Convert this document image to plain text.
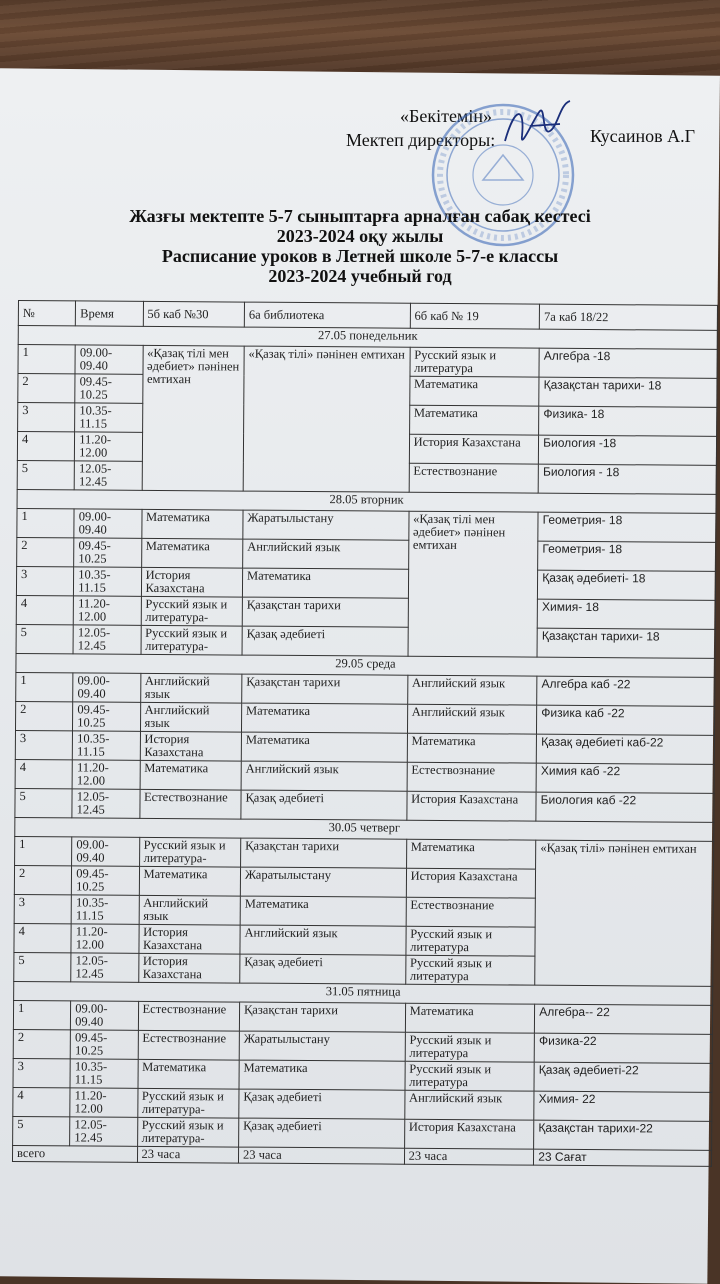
«Бекітемін»
Мектеп директоры:	Кусаинов А.Г
Жазғы мектепте 5-7 сыныптарға арналған сабақ кестесі
2023-2024 оқу жылы
Расписание уроков в Летней школе 5-7-е классы
2023-2024 учебный год
№	Время	5б каб №30	6а библиотека	6б каб № 19	7а каб 18/22
27.05 понедельник					
1	09.00-09.40	«Қазақ тілі мен әдебиет» пәнінен емтихан	«Қазақ тілі» пәнінен емтихан	Русский язык и литература	Алгебра -18
2	09.45-10.25			Математика	Қазақстан тарихи- 18
3	10.35-11.15			Математика	Физика- 18
4	11.20-12.00			История Казахстана	Биология -18
5	12.05-12.45			Естествознание	Биология - 18
28.05 вторник					
1	09.00-09.40	Математика	Жаратылыстану	«Қазақ тілі мен әдебиет» пәнінен емтихан	Геометрия- 18
2	09.45-10.25	Математика	Английский язык		Геометрия- 18
3	10.35-11.15	История Казахстана	Математика		Қазақ әдебиеті- 18
4	11.20-12.00	Русский язык и литература-	Қазақстан тарихи		Химия- 18
5	12.05-12.45	Русский язык и литература-	Қазақ әдебиеті		Қазақстан тарихи- 18
29.05 среда					
1	09.00-09.40	Английский язык	Қазақстан тарихи	Английский язык	Алгебра каб -22
2	09.45-10.25	Английский язык	Математика	Английский язык	Физика каб -22
3	10.35-11.15	История Казахстана	Математика	Математика	Қазақ әдебиеті каб-22
4	11.20-12.00	Математика	Английский язык	Естествознание	Химия каб -22
5	12.05-12.45	Естествознание	Қазақ әдебиеті	История Казахстана	Биология каб -22
30.05 четверг					
1	09.00-09.40	Русский язык и литература-	Қазақстан тарихи	Математика	«Қазақ тілі» пәнінен емтихан
2	09.45-10.25	Математика	Жаратылыстану	История Казахстана	
3	10.35-11.15	Английский язык	Математика	Естествознание	
4	11.20-12.00	История Казахстана	Английский язык	Русский язык и литература	
5	12.05-12.45	История Казахстана	Қазақ әдебиеті	Русский язык и литература	
31.05 пятница					
1	09.00-09.40	Естествознание	Қазақстан тарихи	Математика	Алгебра-- 22
2	09.45-10.25	Естествознание	Жаратылыстану	Русский язык и литература	Физика-22
3	10.35-11.15	Математика	Математика	Русский язык и литература	Қазақ әдебиеті-22
4	11.20-12.00	Русский язык и литература-	Қазақ әдебиеті	Английский язык	Химия- 22
5	12.05-12.45	Русский язык и литература-	Қазақ әдебиеті	История Казахстана	Қазақстан тарихи-22
всего		23 часа	23 часа	23 часа	23 Сағат
